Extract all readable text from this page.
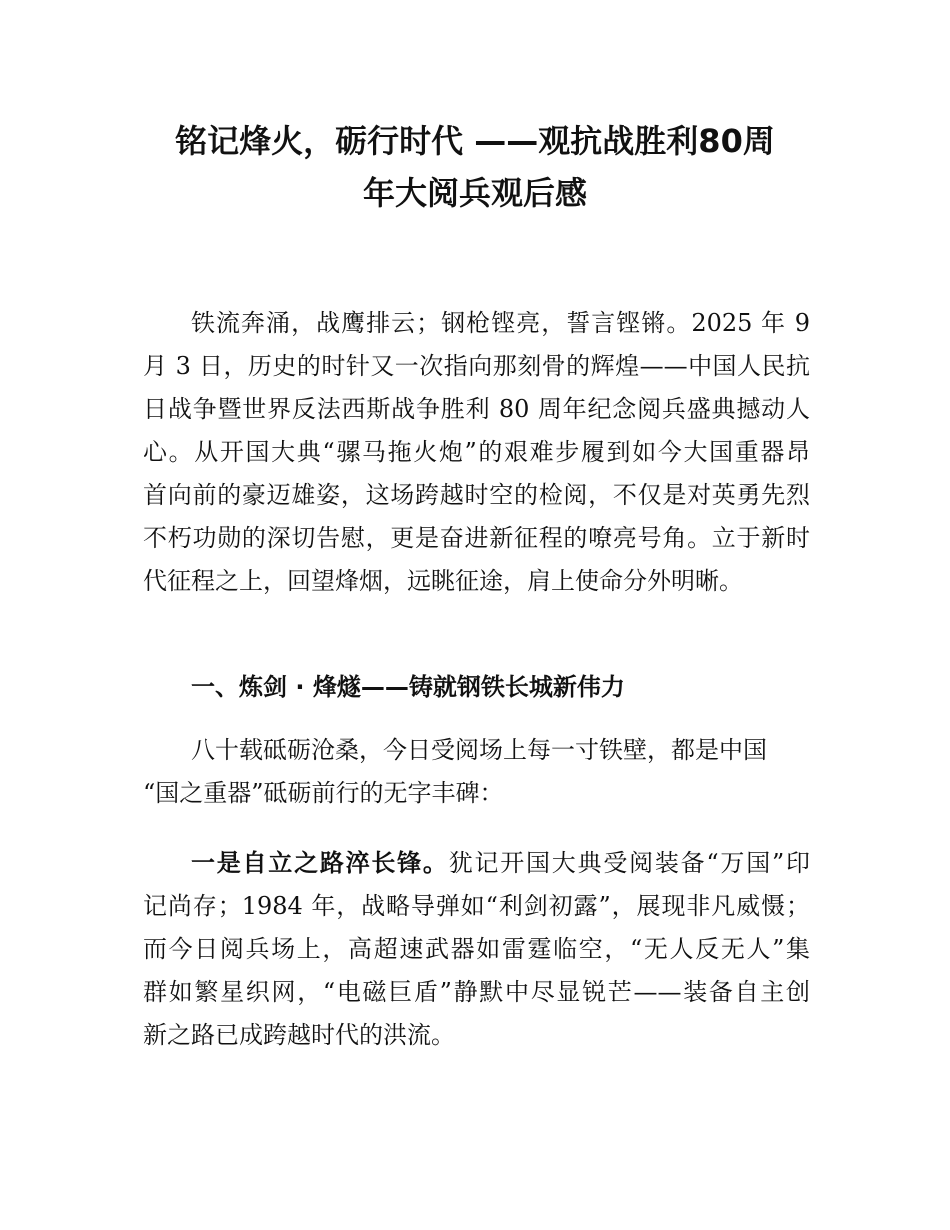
铭记烽火，砺行时代 ——观抗战胜利80周
年大阅兵观后感
铁流奔涌，战鹰排云；钢枪铿亮，誓言铿锵。2025 年 9
月 3 日，历史的时针又一次指向那刻骨的辉煌——中国人民抗
日战争暨世界反法西斯战争胜利 80 周年纪念阅兵盛典撼动人
心。从开国大典“骡马拖火炮”的艰难步履到如今大国重器昂
首向前的豪迈雄姿，这场跨越时空的检阅，不仅是对英勇先烈
不朽功勋的深切告慰，更是奋进新征程的嘹亮号角。立于新时
代征程之上，回望烽烟，远眺征途，肩上使命分外明晰。
一、炼剑 · 烽燧——铸就钢铁长城新伟力
八十载砥砺沧桑，今日受阅场上每一寸铁壁，都是中国
“国之重器”砥砺前行的无字丰碑：
一是自立之路淬长锋。犹记开国大典受阅装备“万国”印
记尚存；1984 年，战略导弹如“利剑初露”，展现非凡威慑；
而今日阅兵场上，高超速武器如雷霆临空，“无人反无人”集
群如繁星织网，“电磁巨盾”静默中尽显锐芒——装备自主创
新之路已成跨越时代的洪流。
